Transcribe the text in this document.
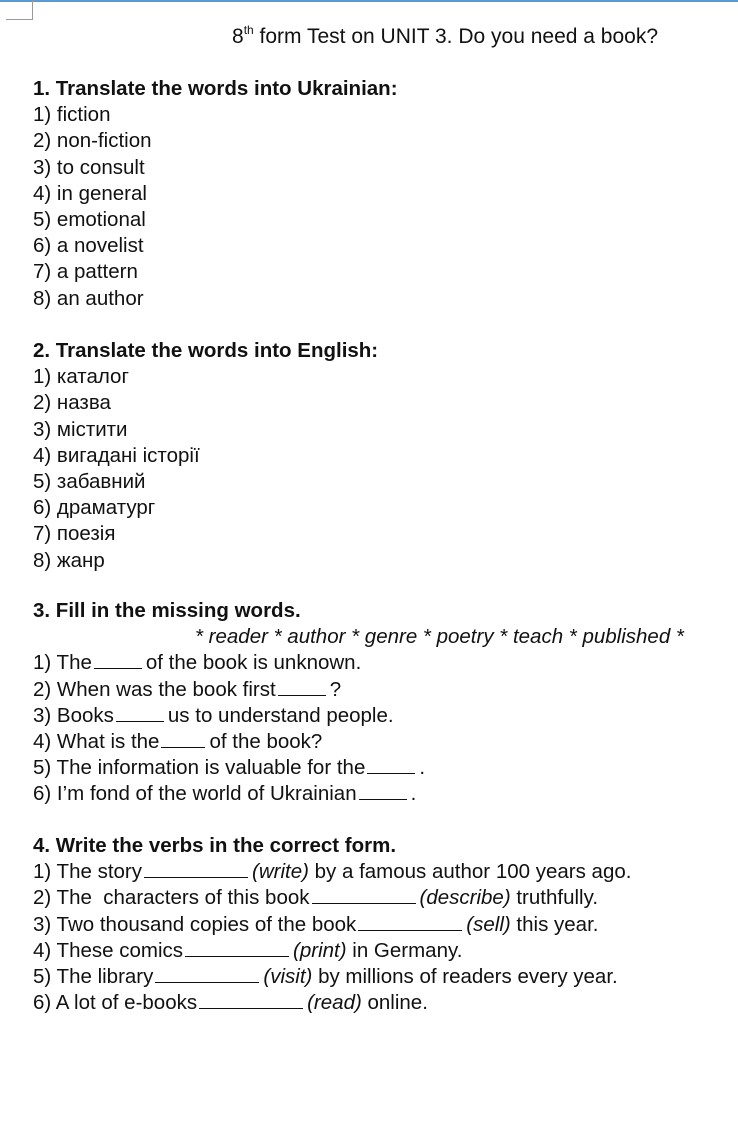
8th form Test on UNIT 3. Do you need a book?
1. Translate the words into Ukrainian:
1) fiction
2) non-fiction
3) to consult
4) in general
5) emotional
6) a novelist
7) a pattern
8) an author
2. Translate the words into English:
1) каталог
2) назва
3) містити
4) вигадані історії
5) забавний
6) драматург
7) поезія
8) жанр
3. Fill in the missing words.
* reader * author * genre * poetry * teach * published *
1) The	of the book is unknown.
2) When was the book first	?
3) Books	us to understand people.
4) What is the of the book?
5) The information is valuable for the	.
6) I’m fond of the world of Ukrainian	.
4. Write the verbs in the correct form.
1) The story	(write) by a famous author 100 years ago.
2) The  characters of this book	(describe) truthfully.
3) Two thousand copies of the book	(sell) this year.
4) These comics	(print) in Germany.
5) The library	(visit) by millions of readers every year.
6) A lot of e-books	(read) online.
